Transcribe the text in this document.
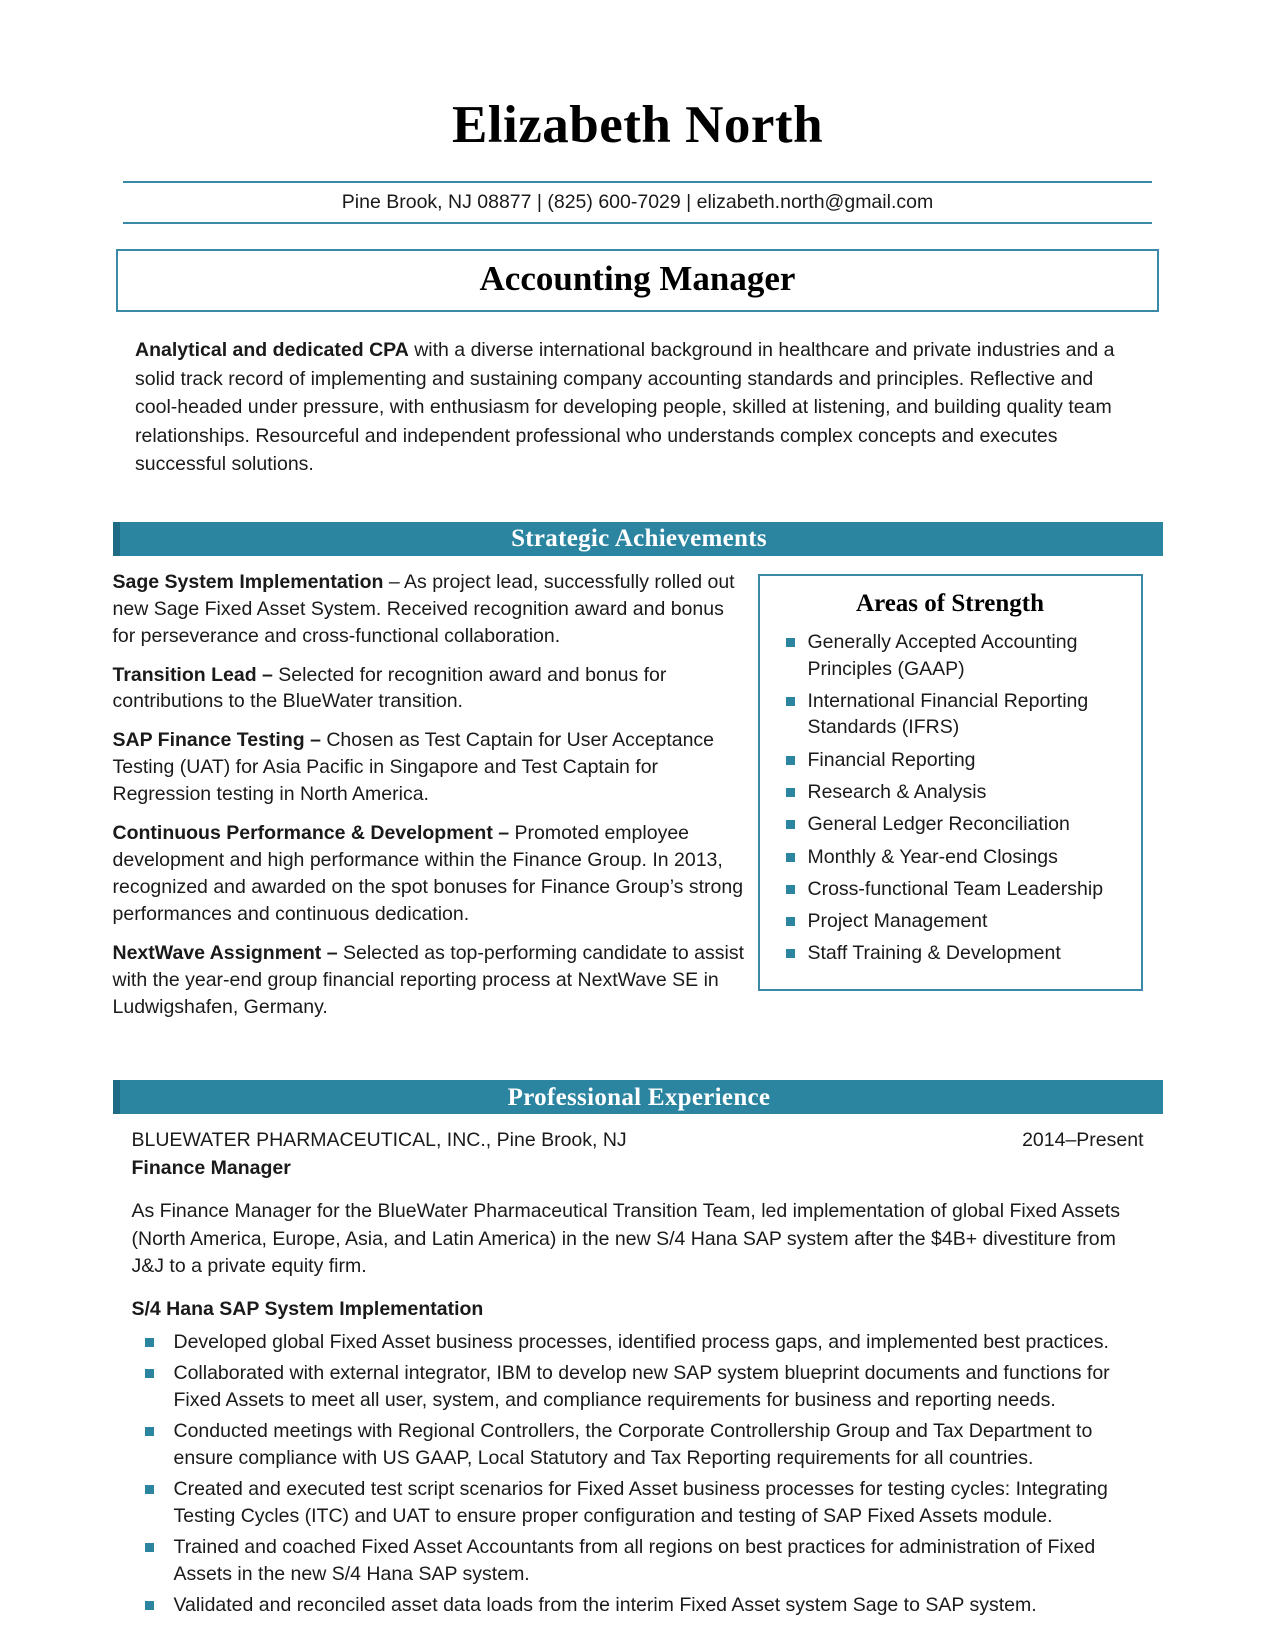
Elizabeth North
Pine Brook, NJ 08877 | (825) 600-7029 | elizabeth.north@gmail.com
Accounting Manager
Analytical and dedicated CPA with a diverse international background in healthcare and private industries and a solid track record of implementing and sustaining company accounting standards and principles. Reflective and cool-headed under pressure, with enthusiasm for developing people, skilled at listening, and building quality team relationships. Resourceful and independent professional who understands complex concepts and executes successful solutions.
Strategic Achievements
Sage System Implementation – As project lead, successfully rolled out new Sage Fixed Asset System. Received recognition award and bonus for perseverance and cross-functional collaboration.
Transition Lead – Selected for recognition award and bonus for contributions to the BlueWater transition.
SAP Finance Testing – Chosen as Test Captain for User Acceptance Testing (UAT) for Asia Pacific in Singapore and Test Captain for Regression testing in North America.
Continuous Performance & Development – Promoted employee development and high performance within the Finance Group. In 2013, recognized and awarded on the spot bonuses for Finance Group’s strong performances and continuous dedication.
NextWave Assignment – Selected as top-performing candidate to assist with the year-end group financial reporting process at NextWave SE in Ludwigshafen, Germany.
Areas of Strength
Generally Accepted Accounting Principles (GAAP)
International Financial Reporting Standards (IFRS)
Financial Reporting
Research & Analysis
General Ledger Reconciliation
Monthly & Year-end Closings
Cross-functional Team Leadership
Project Management
Staff Training & Development
Professional Experience
BLUEWATER PHARMACEUTICAL, INC., Pine Brook, NJ	2014–Present
Finance Manager
As Finance Manager for the BlueWater Pharmaceutical Transition Team, led implementation of global Fixed Assets (North America, Europe, Asia, and Latin America) in the new S/4 Hana SAP system after the $4B+ divestiture from J&J to a private equity firm.
S/4 Hana SAP System Implementation
Developed global Fixed Asset business processes, identified process gaps, and implemented best practices.
Collaborated with external integrator, IBM to develop new SAP system blueprint documents and functions for Fixed Assets to meet all user, system, and compliance requirements for business and reporting needs.
Conducted meetings with Regional Controllers, the Corporate Controllership Group and Tax Department to ensure compliance with US GAAP, Local Statutory and Tax Reporting requirements for all countries.
Created and executed test script scenarios for Fixed Asset business processes for testing cycles: Integrating Testing Cycles (ITC) and UAT to ensure proper configuration and testing of SAP Fixed Assets module.
Trained and coached Fixed Asset Accountants from all regions on best practices for administration of Fixed Assets in the new S/4 Hana SAP system.
Validated and reconciled asset data loads from the interim Fixed Asset system Sage to SAP system.
